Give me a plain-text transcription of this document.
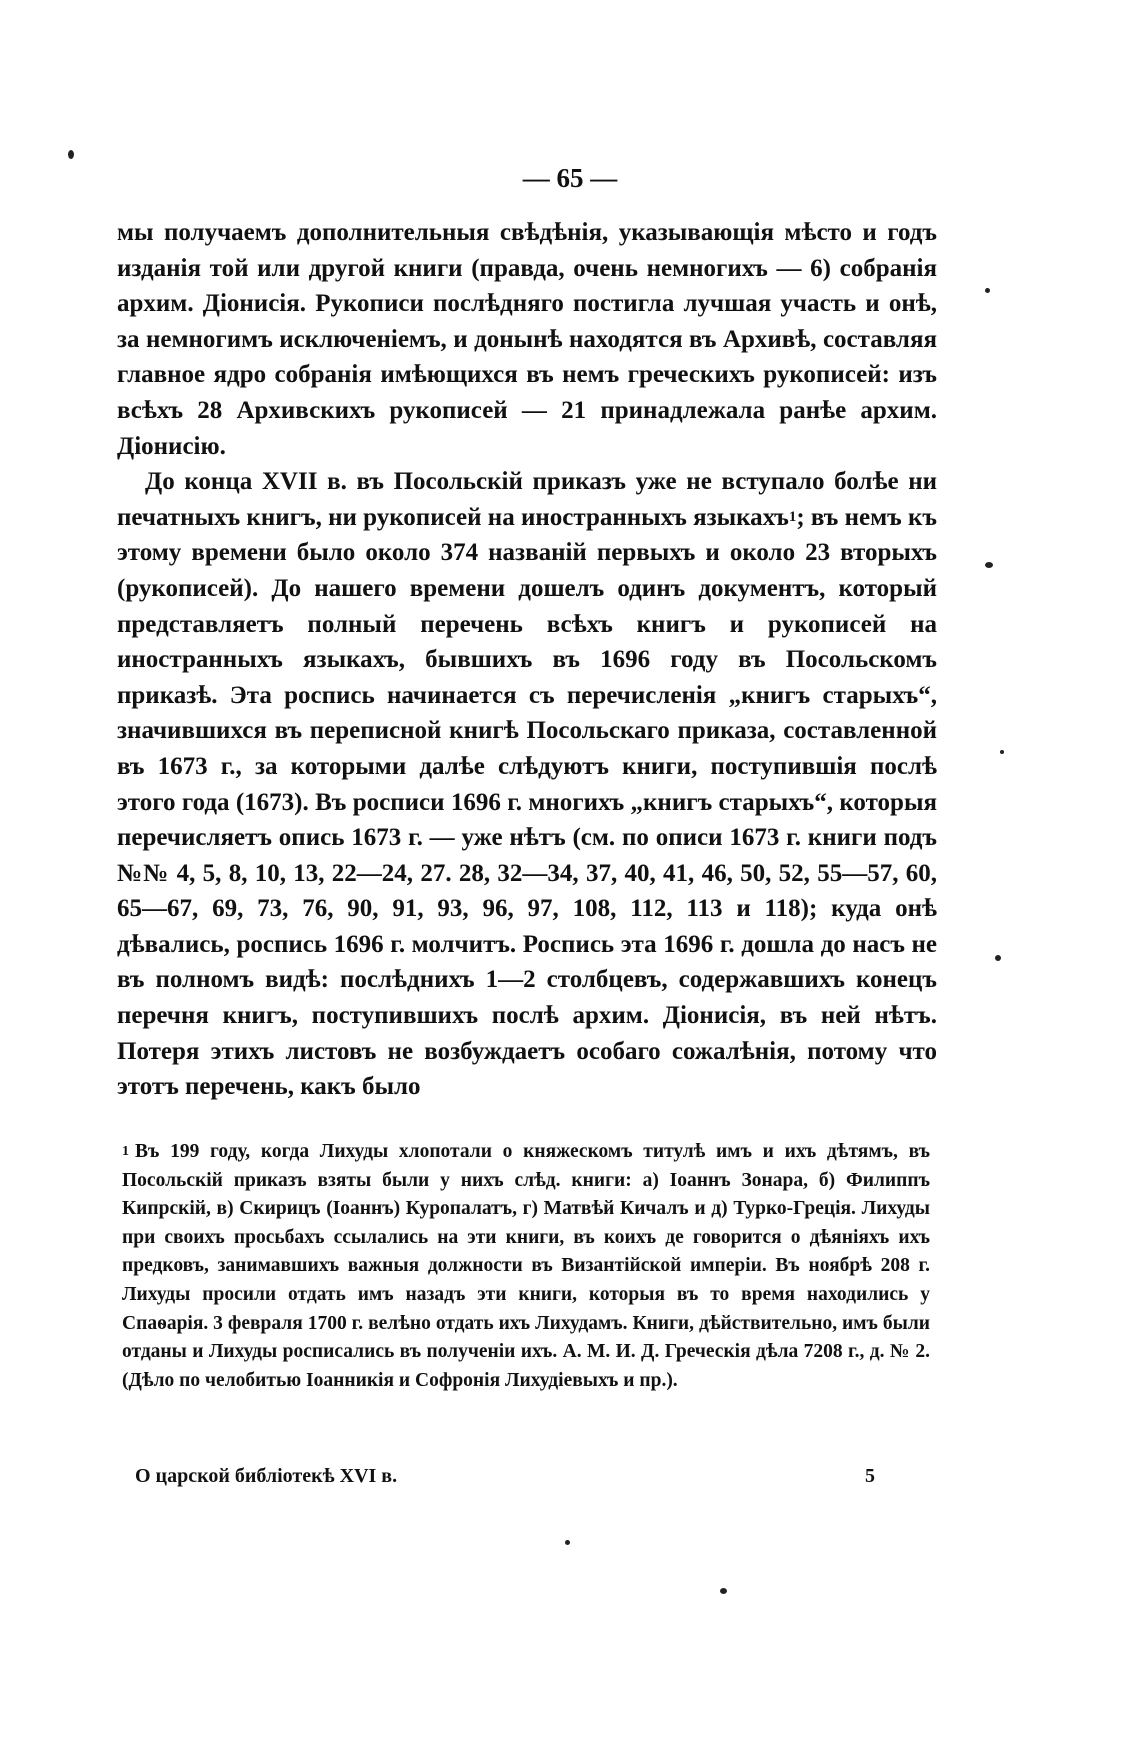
— 65 —

мы получаемъ дополнительныя свѣдѣнія, указывающія мѣсто и годъ изданія той или другой книги (правда, очень немногихъ — 6) собранія архим. Діонисія. Рукописи послѣдняго постигла лучшая участь и онѣ, за немногимъ исключеніемъ, и донынѣ находятся въ Архивѣ, составляя главное ядро собранія имѣющихся въ немъ греческихъ рукописей: изъ всѣхъ 28 Архивскихъ рукописей — 21 принадлежала ранѣе архим. Діонисію.

До конца XVII в. въ Посольскій приказъ уже не вступало болѣе ни печатныхъ книгъ, ни рукописей на иностранныхъ языкахъ$^1$; въ немъ къ этому времени было около 374 названій первыхъ и около 23 вторыхъ (рукописей). До нашего времени дошелъ одинъ документъ, который представляетъ полный перечень всѣхъ книгъ и рукописей на иностранныхъ языкахъ, бывшихъ въ 1696 году въ Посольскомъ приказѣ. Эта роспись начинается съ перечисленія „книгъ старыхъ“, значившихся въ переписной книгѣ Посольскаго приказа, составленной въ 1673 г., за которыми далѣе слѣдуютъ книги, поступившія послѣ этого года (1673). Въ росписи 1696 г. многихъ „книгъ старыхъ“, которыя перечисляетъ опись 1673 г. — уже нѣтъ (см. по описи 1673 г. книги подъ №№ 4, 5, 8, 10, 13, 22—24, 27. 28, 32—34, 37, 40, 41, 46, 50, 52, 55—57, 60, 65—67, 69, 73, 76, 90, 91, 93, 96, 97, 108, 112, 113 и 118); куда онѣ дѣвались, роспись 1696 г. молчитъ. Роспись эта 1696 г. дошла до насъ не въ полномъ видѣ: послѣднихъ 1—2 столбцевъ, содержавшихъ конецъ перечня книгъ, поступившихъ послѣ архим. Діонисія, въ ней нѣтъ. Потеря этихъ листовъ не возбуждаетъ особаго сожалѣнія, потому что этотъ перечень, какъ было

$^1$ Въ 199 году, когда Лихуды хлопотали о княжескомъ титулѣ имъ и ихъ дѣтямъ, въ Посольскій приказъ взяты были у нихъ слѣд. книги: а) Іоаннъ Зонара, б) Филиппъ Кипрскій, в) Скирицъ (Іоаннъ) Куропалатъ, г) Матвѣй Кичалъ и д) Турко-Греція. Лихуды при своихъ просьбахъ ссылались на эти книги, въ коихъ де говорится о дѣяніяхъ ихъ предковъ, занимавшихъ важныя должности въ Византійской имперіи. Въ ноябрѣ 208 г. Лихуды просили отдать имъ назадъ эти книги, которыя въ то время находились у Спаѳарія. 3 февраля 1700 г. велѣно отдать ихъ Лихудамъ. Книги, дѣйствительно, имъ были отданы и Лихуды росписались въ полученіи ихъ. А. М. И. Д. Греческія дѣла 7208 г., д. № 2. (Дѣло по челобитью Іоанникія и Софронія Лихудіевыхъ и пр.).
О царской библіотекѣ XVI в.	5
